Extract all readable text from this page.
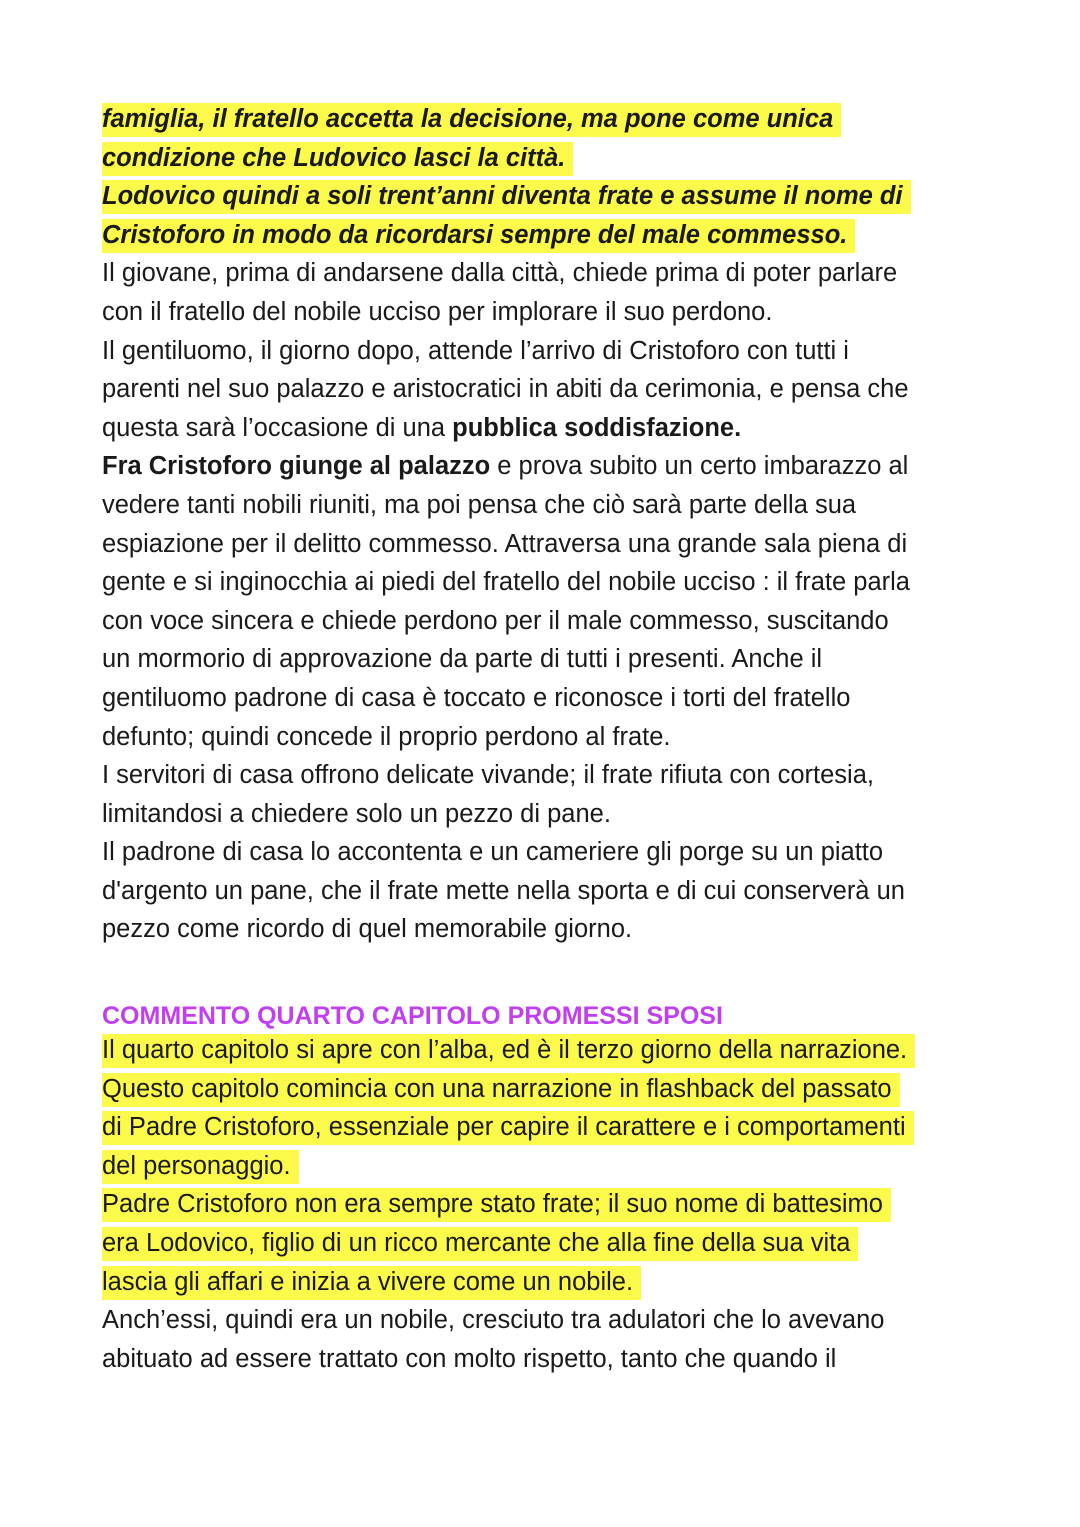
famiglia, il fratello accetta la decisione, ma pone come unica
condizione che Ludovico lasci la città.
Lodovico quindi a soli trent’anni diventa frate e assume il nome di
Cristoforo in modo da ricordarsi sempre del male commesso.
Il giovane, prima di andarsene dalla città, chiede prima di poter parlare
con il fratello del nobile ucciso per implorare il suo perdono.
Il gentiluomo, il giorno dopo, attende l’arrivo di Cristoforo con tutti i
parenti nel suo palazzo e aristocratici in abiti da cerimonia, e pensa che
questa sarà l’occasione di una pubblica soddisfazione.
Fra Cristoforo giunge al palazzo e prova subito un certo imbarazzo al
vedere tanti nobili riuniti, ma poi pensa che ciò sarà parte della sua
espiazione per il delitto commesso. Attraversa una grande sala piena di
gente e si inginocchia ai piedi del fratello del nobile ucciso : il frate parla
con voce sincera e chiede perdono per il male commesso, suscitando
un mormorio di approvazione da parte di tutti i presenti. Anche il
gentiluomo padrone di casa è toccato e riconosce i torti del fratello
defunto; quindi concede il proprio perdono al frate.
I servitori di casa offrono delicate vivande; il frate rifiuta con cortesia,
limitandosi a chiedere solo un pezzo di pane.
Il padrone di casa lo accontenta e un cameriere gli porge su un piatto
d'argento un pane, che il frate mette nella sporta e di cui conserverà un
pezzo come ricordo di quel memorabile giorno.
COMMENTO QUARTO CAPITOLO PROMESSI SPOSI
Il quarto capitolo si apre con l’alba, ed è il terzo giorno della narrazione.
Questo capitolo comincia con una narrazione in flashback del passato
di Padre Cristoforo, essenziale per capire il carattere e i comportamenti
del personaggio.
Padre Cristoforo non era sempre stato frate; il suo nome di battesimo
era Lodovico, figlio di un ricco mercante che alla fine della sua vita
lascia gli affari e inizia a vivere come un nobile.
Anch’essi, quindi era un nobile, cresciuto tra adulatori che lo avevano
abituato ad essere trattato con molto rispetto, tanto che quando il
